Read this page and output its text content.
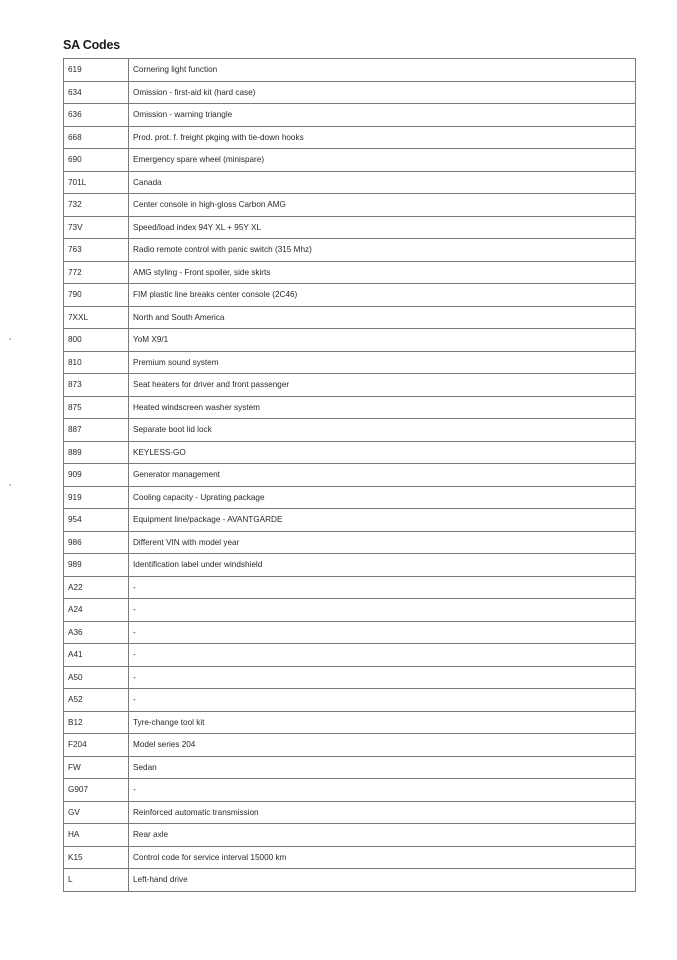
SA Codes
619	Cornering light function
634	Omission - first-aid kit (hard case)
636	Omission - warning triangle
668	Prod. prot. f. freight pkging with tie-down hooks
690	Emergency spare wheel (minispare)
701L	Canada
732	Center console in high-gloss Carbon AMG
73V	Speed/load index 94Y XL + 95Y XL
763	Radio remote control with panic switch (315 Mhz)
772	AMG styling - Front spoiler, side skirts
790	FIM plastic line breaks center console (2C46)
7XXL	North and South America
800	YoM X9/1
810	Premium sound system
873	Seat heaters for driver and front passenger
875	Heated windscreen washer system
887	Separate boot lid lock
889	KEYLESS-GO
909	Generator management
919	Cooling capacity - Uprating package
954	Equipment line/package - AVANTGARDE
986	Different VIN with model year
989	Identification label under windshield
A22	-
A24	-
A36	-
A41	-
A50	-
A52	-
B12	Tyre-change tool kit
F204	Model series 204
FW	Sedan
G907	-
GV	Reinforced automatic transmission
HA	Rear axle
K15	Control code for service interval 15000 km
L	Left-hand drive
